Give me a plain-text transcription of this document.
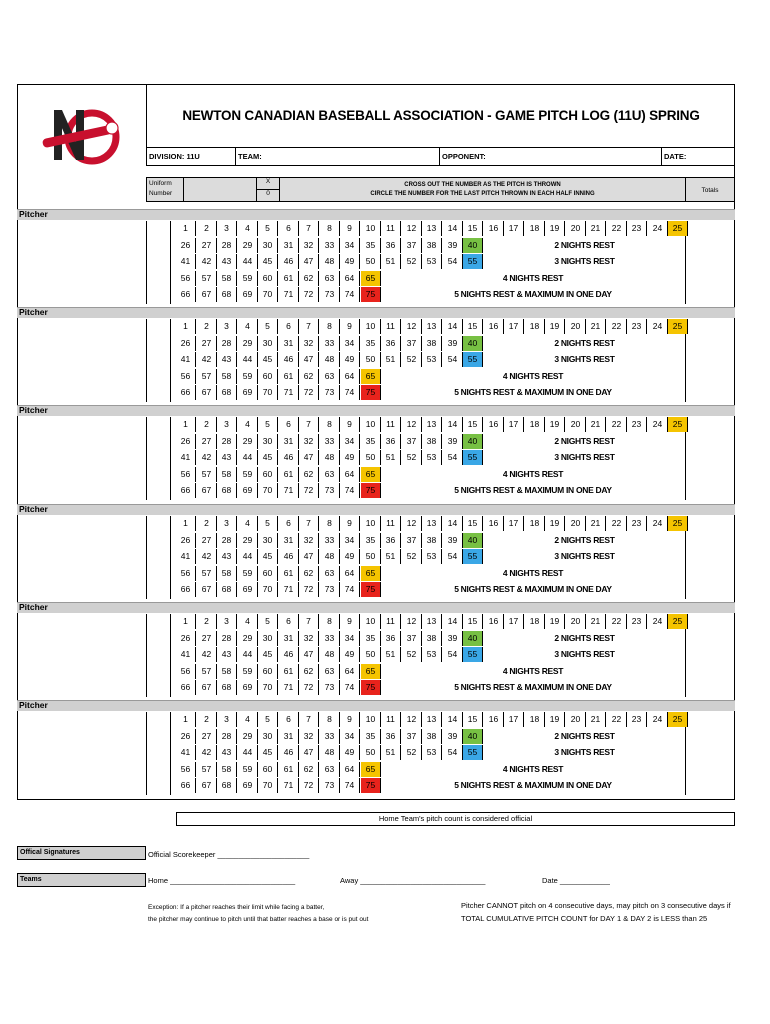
NEWTON CANADIAN BASEBALL ASSOCIATION - GAME PITCH LOG (11U) SPRING
DIVISION: 11U	TEAM:	OPPONENT:	DATE:
Uniform
Number
X
0
CROSS OUT THE NUMBER AS THE PITCH IS THROWN
CIRCLE THE NUMBER FOR THE LAST PITCH THROWN IN EACH HALF INNING	Totals
Pitcher
1	2	3	4	5	6	7	8	9	10	11	12	13	14	15	16	17	18	19	20	21	22	23	24	25
26	27	28	29	30	31	32	33	34	35	36	37	38	39	40	2 NIGHTS REST
41	42	43	44	45	46	47	48	49	50	51	52	53	54	55	3 NIGHTS REST
56	57	58	59	60	61	62	63	64	65	4 NIGHTS REST
66	67	68	69	70	71	72	73	74	75	5 NIGHTS REST & MAXIMUM IN ONE DAY
Pitcher
1	2	3	4	5	6	7	8	9	10	11	12	13	14	15	16	17	18	19	20	21	22	23	24	25
26	27	28	29	30	31	32	33	34	35	36	37	38	39	40	2 NIGHTS REST
41	42	43	44	45	46	47	48	49	50	51	52	53	54	55	3 NIGHTS REST
56	57	58	59	60	61	62	63	64	65	4 NIGHTS REST
66	67	68	69	70	71	72	73	74	75	5 NIGHTS REST & MAXIMUM IN ONE DAY
Pitcher
1	2	3	4	5	6	7	8	9	10	11	12	13	14	15	16	17	18	19	20	21	22	23	24	25
26	27	28	29	30	31	32	33	34	35	36	37	38	39	40	2 NIGHTS REST
41	42	43	44	45	46	47	48	49	50	51	52	53	54	55	3 NIGHTS REST
56	57	58	59	60	61	62	63	64	65	4 NIGHTS REST
66	67	68	69	70	71	72	73	74	75	5 NIGHTS REST & MAXIMUM IN ONE DAY
Pitcher
1	2	3	4	5	6	7	8	9	10	11	12	13	14	15	16	17	18	19	20	21	22	23	24	25
26	27	28	29	30	31	32	33	34	35	36	37	38	39	40	2 NIGHTS REST
41	42	43	44	45	46	47	48	49	50	51	52	53	54	55	3 NIGHTS REST
56	57	58	59	60	61	62	63	64	65	4 NIGHTS REST
66	67	68	69	70	71	72	73	74	75	5 NIGHTS REST & MAXIMUM IN ONE DAY
Pitcher
1	2	3	4	5	6	7	8	9	10	11	12	13	14	15	16	17	18	19	20	21	22	23	24	25
26	27	28	29	30	31	32	33	34	35	36	37	38	39	40	2 NIGHTS REST
41	42	43	44	45	46	47	48	49	50	51	52	53	54	55	3 NIGHTS REST
56	57	58	59	60	61	62	63	64	65	4 NIGHTS REST
66	67	68	69	70	71	72	73	74	75	5 NIGHTS REST & MAXIMUM IN ONE DAY
Pitcher
1	2	3	4	5	6	7	8	9	10	11	12	13	14	15	16	17	18	19	20	21	22	23	24	25
26	27	28	29	30	31	32	33	34	35	36	37	38	39	40	2 NIGHTS REST
41	42	43	44	45	46	47	48	49	50	51	52	53	54	55	3 NIGHTS REST
56	57	58	59	60	61	62	63	64	65	4 NIGHTS REST
66	67	68	69	70	71	72	73	74	75	5 NIGHTS REST & MAXIMUM IN ONE DAY
Home Team's pitch count is considered official
Offical Signatures	Official Scorekeeper ______________________
Teams	Home ______________________________	Away ______________________________	Date ____________
Exception: If a pitcher reaches their limit while facing a batter,
the pitcher may continue to pitch until that batter reaches a base or is put out
Pitcher CANNOT pitch on 4 consecutive days, may pitch on 3 consecutive days if
TOTAL CUMULATIVE PITCH COUNT for DAY 1 & DAY 2 is LESS than 25
